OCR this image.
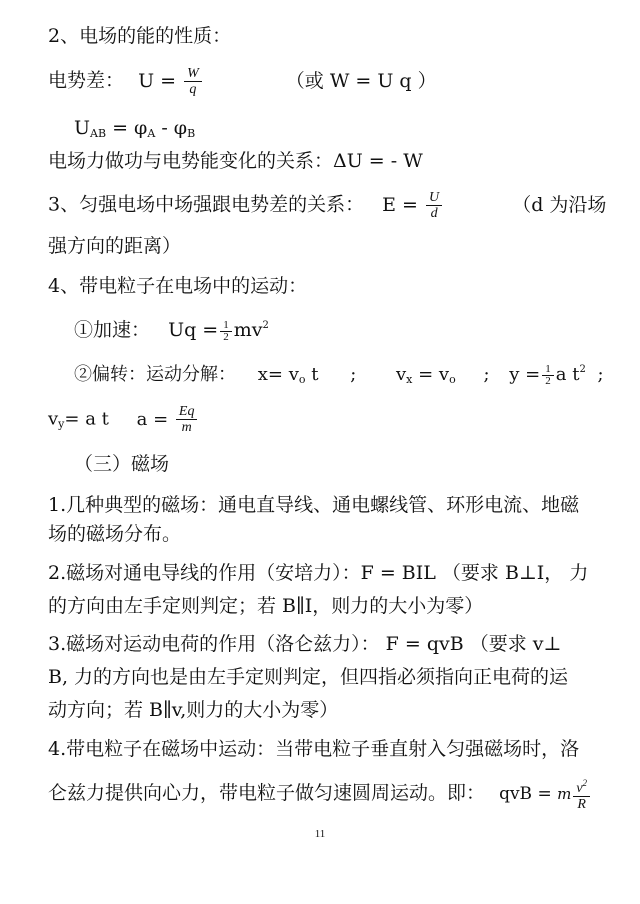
2、电场的能的性质：
电势差： $U = \frac{W}{q}$	（或 W = U q ）
$U_{AB} = \varphi_A - \varphi_B$
电场力做功与电势能变化的关系：ΔU = - W
3、匀强电场中场强跟电势差的关系： $E = \frac{U}{d}$	（d 为沿场
强方向的距离）
4、带电粒子在电场中的运动：
①加速： $Uq = \frac{1}{2} mv^2$
②偏转：运动分解： $x= v_o$ t ; $v_x = v_o$ ; $y = \frac{1}{2}$ a $t^2$ ;
$v_y= a$ t $a = \frac{Eq}{m}$
（三）磁场
1.几种典型的磁场：通电直导线、通电螺线管、环形电流、地磁
场的磁场分布。
2.磁场对通电导线的作用（安培力）：F = BIL （要求 B⊥I， 力
的方向由左手定则判定；若 B∥I，则力的大小为零）
3.磁场对运动电荷的作用（洛仑兹力）： F = qvB （要求 v⊥
B, 力的方向也是由左手定则判定，但四指必须指向正电荷的运
动方向；若 B∥v,则力的大小为零）
4.带电粒子在磁场中运动：当带电粒子垂直射入匀强磁场时，洛
仑兹力提供向心力，带电粒子做匀速圆周运动。即： qvB = m $\frac{v^2}{R}$
11
